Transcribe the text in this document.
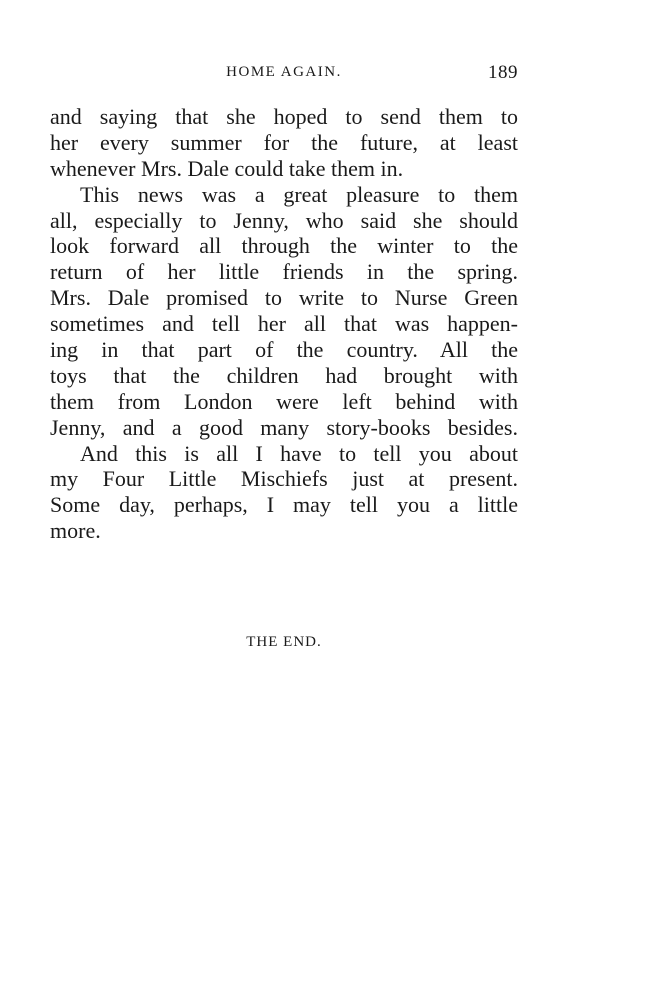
HOME AGAIN.	189
and saying that she hoped to send them to
her every summer for the future, at least
whenever Mrs. Dale could take them in.
This news was a great pleasure to them
all, especially to Jenny, who said she should
look forward all through the winter to the
return of her little friends in the spring.
Mrs. Dale promised to write to Nurse Green
sometimes and tell her all that was happen-
ing in that part of the country. All the
toys that the children had brought with
them from London were left behind with
Jenny, and a good many story-books besides.
And this is all I have to tell you about
my Four Little Mischiefs just at present.
Some day, perhaps, I may tell you a little
more.
THE END.
